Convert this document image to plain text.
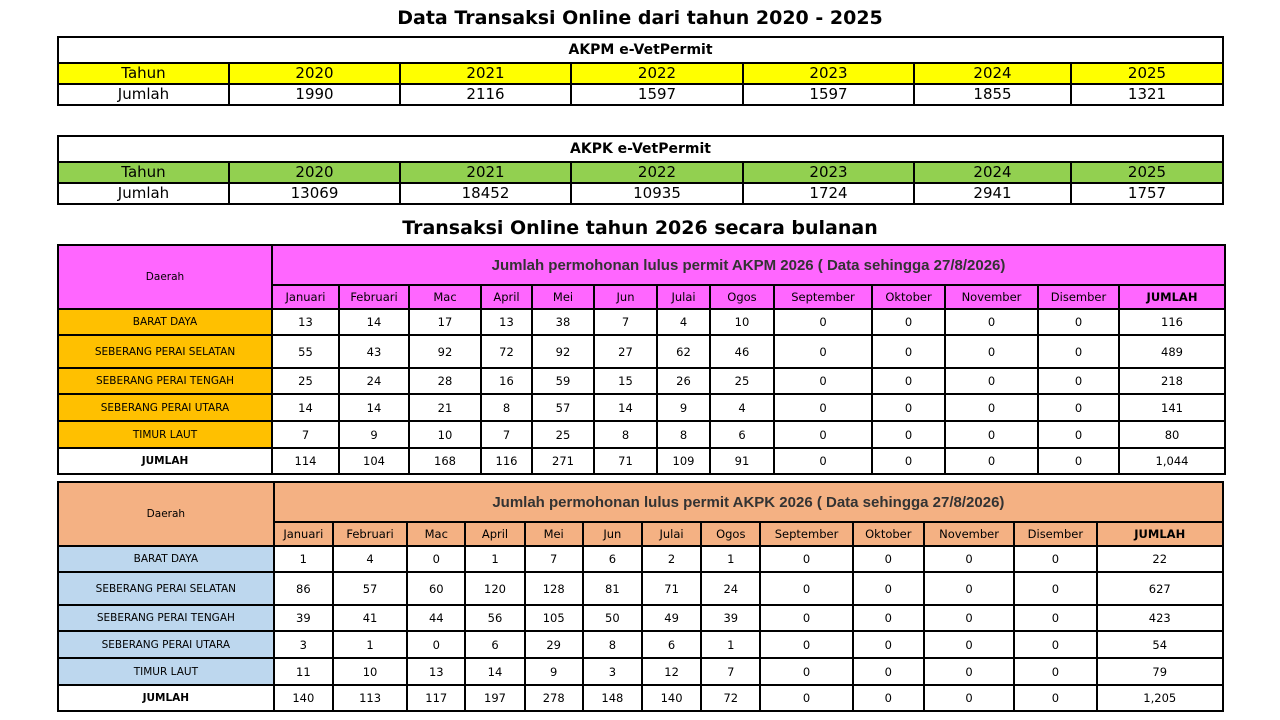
Data Transaksi Online dari tahun 2020 - 2025
AKPM e-VetPermit						
Tahun	2020	2021	2022	2023	2024	2025
Jumlah	1990	2116	1597	1597	1855	1321
AKPK e-VetPermit						
Tahun	2020	2021	2022	2023	2024	2025
Jumlah	13069	18452	10935	1724	2941	1757
Transaksi Online tahun 2026 secara bulanan
Daerah	Jumlah permohonan lulus permit AKPM 2026 ( Data sehingga 27/8/2026)												
	Januari	Februari	Mac	April	Mei	Jun	Julai	Ogos	September	Oktober	November	Disember	JUMLAH
BARAT DAYA	13	14	17	13	38	7	4	10	0	0	0	0	116
SEBERANG PERAI SELATAN	55	43	92	72	92	27	62	46	0	0	0	0	489
SEBERANG PERAI TENGAH	25	24	28	16	59	15	26	25	0	0	0	0	218
SEBERANG PERAI UTARA	14	14	21	8	57	14	9	4	0	0	0	0	141
TIMUR LAUT	7	9	10	7	25	8	8	6	0	0	0	0	80
JUMLAH	114	104	168	116	271	71	109	91	0	0	0	0	1,044
Daerah	Jumlah permohonan lulus permit AKPK 2026 ( Data sehingga 27/8/2026)												
	Januari	Februari	Mac	April	Mei	Jun	Julai	Ogos	September	Oktober	November	Disember	JUMLAH
BARAT DAYA	1	4	0	1	7	6	2	1	0	0	0	0	22
SEBERANG PERAI SELATAN	86	57	60	120	128	81	71	24	0	0	0	0	627
SEBERANG PERAI TENGAH	39	41	44	56	105	50	49	39	0	0	0	0	423
SEBERANG PERAI UTARA	3	1	0	6	29	8	6	1	0	0	0	0	54
TIMUR LAUT	11	10	13	14	9	3	12	7	0	0	0	0	79
JUMLAH	140	113	117	197	278	148	140	72	0	0	0	0	1,205
